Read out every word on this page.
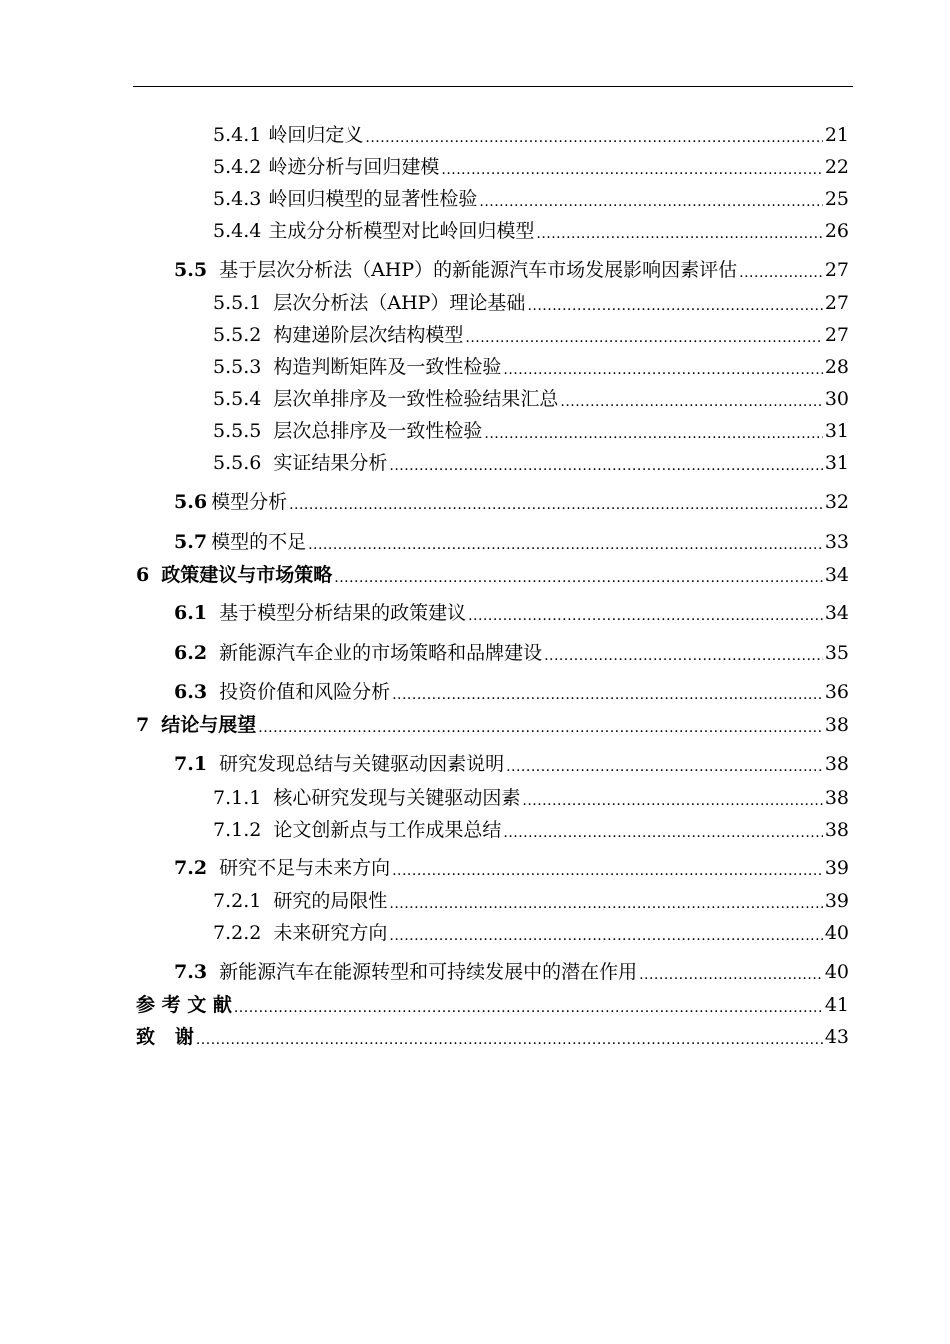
5.4.1 岭回归定义 .....	21
5.4.2 岭迹分析与回归建模 .....	22
5.4.3 岭回归模型的显著性检验 .....	25
5.4.4 主成分分析模型对比岭回归模型 .....	26
5.5 基于层次分析法（AHP）的新能源汽车市场发展影响因素评估 .....	27
5.5.1 层次分析法（AHP）理论基础 .....	27
5.5.2 构建递阶层次结构模型 .....	27
5.5.3 构造判断矩阵及一致性检验 .....	28
5.5.4 层次单排序及一致性检验结果汇总 .....	30
5.5.5 层次总排序及一致性检验 .....	31
5.5.6 实证结果分析 .....	31
5.6 模型分析 .....	32
5.7 模型的不足 .....	33
6 政策建议与市场策略 .....	34
6.1 基于模型分析结果的政策建议 .....	34
6.2 新能源汽车企业的市场策略和品牌建设 .....	35
6.3 投资价值和风险分析 .....	36
7 结论与展望 .....	38
7.1 研究发现总结与关键驱动因素说明 .....	38
7.1.1 核心研究发现与关键驱动因素 .....	38
7.1.2 论文创新点与工作成果总结 .....	38
7.2 研究不足与未来方向 .....	39
7.2.1 研究的局限性 .....	39
7.2.2 未来研究方向 .....	40
7.3 新能源汽车在能源转型和可持续发展中的潜在作用 .....	40
参 考 文 献 .....	41
致   谢 .....	43
